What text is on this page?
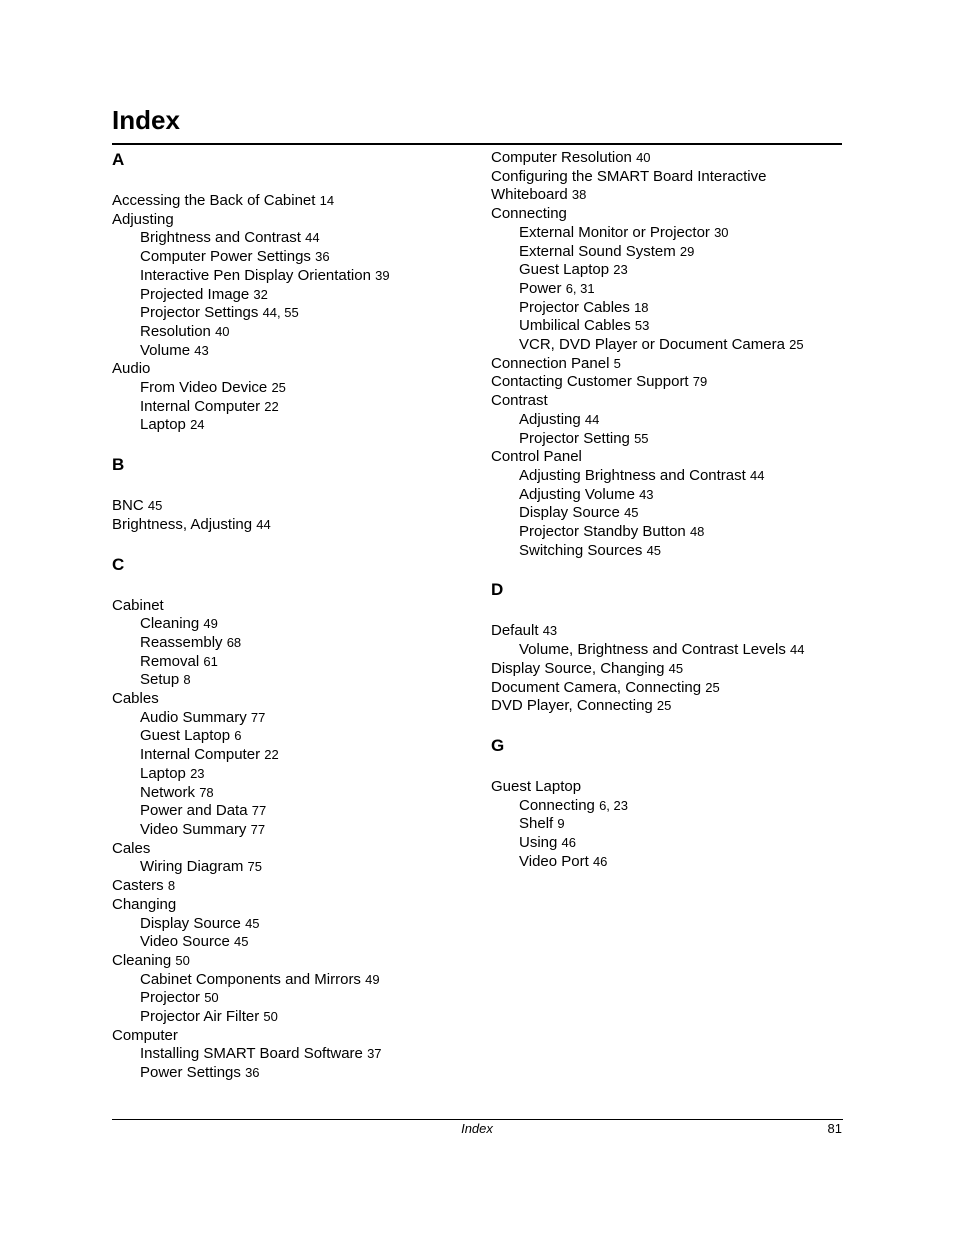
Index
A
Accessing the Back of Cabinet 14
Adjusting
Brightness and Contrast 44
Computer Power Settings 36
Interactive Pen Display Orientation 39
Projected Image 32
Projector Settings 44, 55
Resolution 40
Volume 43
Audio
From Video Device 25
Internal Computer 22
Laptop 24
B
BNC 45
Brightness, Adjusting 44
C
Cabinet
Cleaning 49
Reassembly 68
Removal 61
Setup 8
Cables
Audio Summary 77
Guest Laptop 6
Internal Computer 22
Laptop 23
Network 78
Power and Data 77
Video Summary 77
Cales
Wiring Diagram 75
Casters 8
Changing
Display Source 45
Video Source 45
Cleaning 50
Cabinet Components and Mirrors 49
Projector 50
Projector Air Filter 50
Computer
Installing SMART Board Software 37
Power Settings 36
Computer Resolution 40
Configuring the SMART Board Interactive
Whiteboard 38
Connecting
External Monitor or Projector 30
External Sound System 29
Guest Laptop 23
Power 6, 31
Projector Cables 18
Umbilical Cables 53
VCR, DVD Player or Document Camera 25
Connection Panel 5
Contacting Customer Support 79
Contrast
Adjusting 44
Projector Setting 55
Control Panel
Adjusting Brightness and Contrast 44
Adjusting Volume 43
Display Source 45
Projector Standby Button 48
Switching Sources 45
D
Default 43
Volume, Brightness and Contrast Levels 44
Display Source, Changing 45
Document Camera, Connecting 25
DVD Player, Connecting 25
G
Guest Laptop
Connecting 6, 23
Shelf 9
Using 46
Video Port 46
Index	81
